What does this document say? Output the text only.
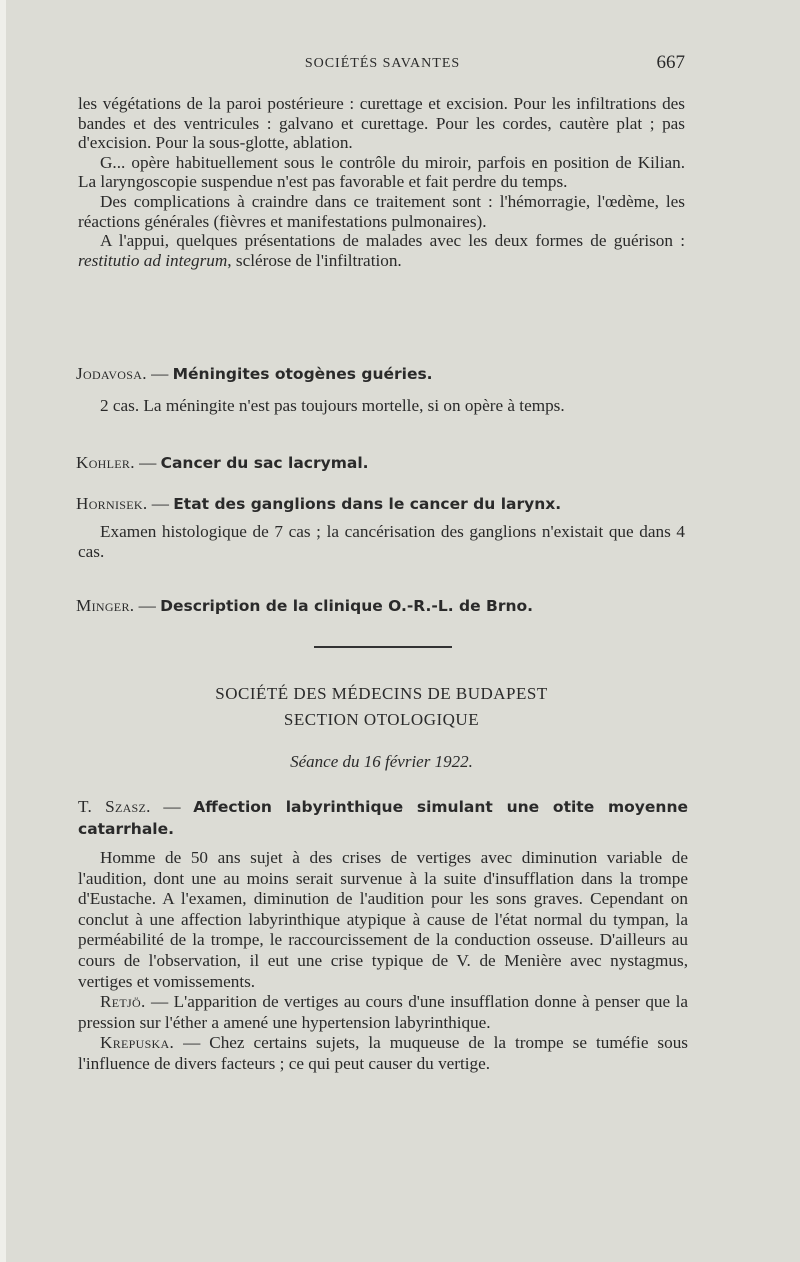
SOCIÉTÉS SAVANTES	667

les végétations de la paroi postérieure : curettage et excision. Pour les infiltrations des bandes et des ventricules : galvano et curettage. Pour les cordes, cautère plat ; pas d'excision. Pour la sous-glotte, ablation.

G... opère habituellement sous le contrôle du miroir, parfois en position de Kilian. La laryngoscopie suspendue n'est pas favorable et fait perdre du temps.

Des complications à craindre dans ce traitement sont : l'hémorragie, l'œdème, les réactions générales (fièvres et manifestations pulmonaires).

A l'appui, quelques présentations de malades avec les deux formes de guérison : restitutio ad integrum, sclérose de l'infiltration.

Jodavosa. — Méningites otogènes guéries.

2 cas. La méningite n'est pas toujours mortelle, si on opère à temps.

Kohler. — Cancer du sac lacrymal.
Hornisek. — Etat des ganglions dans le cancer du larynx.

Examen histologique de 7 cas ; la cancérisation des ganglions n'existait que dans 4 cas.

Minger. — Description de la clinique O.-R.-L. de Brno.
SOCIÉTÉ DES MÉDECINS DE BUDAPEST
SECTION OTOLOGIQUE
Séance du 16 février 1922.
T. Szasz. — Affection labyrinthique simulant une otite moyenne catarrhale.

Homme de 50 ans sujet à des crises de vertiges avec diminution variable de l'audition, dont une au moins serait survenue à la suite d'insufflation dans la trompe d'Eustache. A l'examen, diminution de l'audition pour les sons graves. Cependant on conclut à une affection labyrinthique atypique à cause de l'état normal du tympan, la perméabilité de la trompe, le raccourcissement de la conduction osseuse. D'ailleurs au cours de l'observation, il eut une crise typique de V. de Menière avec nystagmus, vertiges et vomissements.

Retjö. — L'apparition de vertiges au cours d'une insufflation donne à penser que la pression sur l'éther a amené une hypertension labyrinthique.

Krepuska. — Chez certains sujets, la muqueuse de la trompe se tuméfie sous l'influence de divers facteurs ; ce qui peut causer du vertige.
